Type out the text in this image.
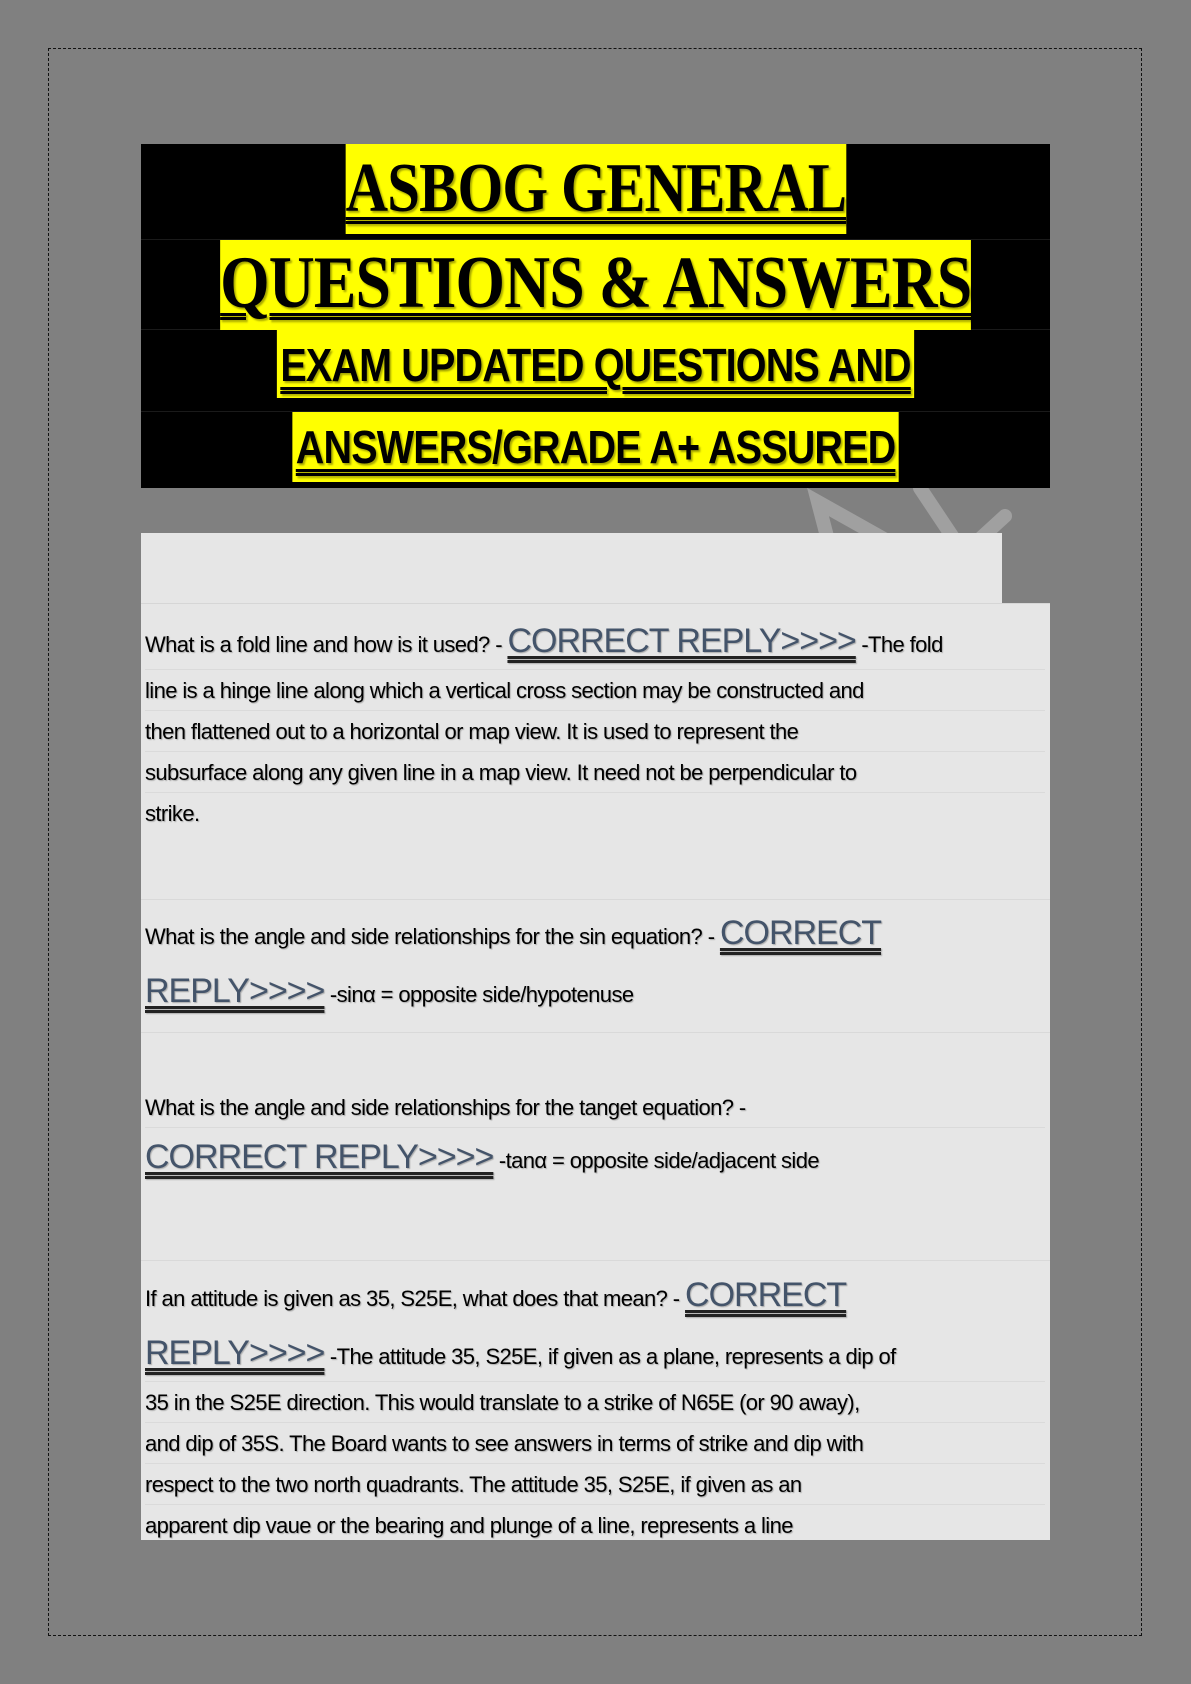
ASBOG GENERAL
QUESTIONS & ANSWERS
EXAM UPDATED QUESTIONS AND
ANSWERS/GRADE A+ ASSURED
What is a fold line and how is it used? - CORRECT REPLY>>>> -The fold
line is a hinge line along which a vertical cross section may be constructed and
then flattened out to a horizontal or map view. It is used to represent the
subsurface along any given line in a map view. It need not be perpendicular to
strike.
What is the angle and side relationships for the sin equation? - CORRECT
REPLY>>>> -sinα = opposite side/hypotenuse
What is the angle and side relationships for the tanget equation? -
CORRECT REPLY>>>> -tanα = opposite side/adjacent side
If an attitude is given as 35, S25E, what does that mean? - CORRECT
REPLY>>>> -The attitude 35, S25E, if given as a plane, represents a dip of
35 in the S25E direction. This would translate to a strike of N65E (or 90 away),
and dip of 35S. The Board wants to see answers in terms of strike and dip with
respect to the two north quadrants. The attitude 35, S25E, if given as an
apparent dip vaue or the bearing and plunge of a line, represents a line
